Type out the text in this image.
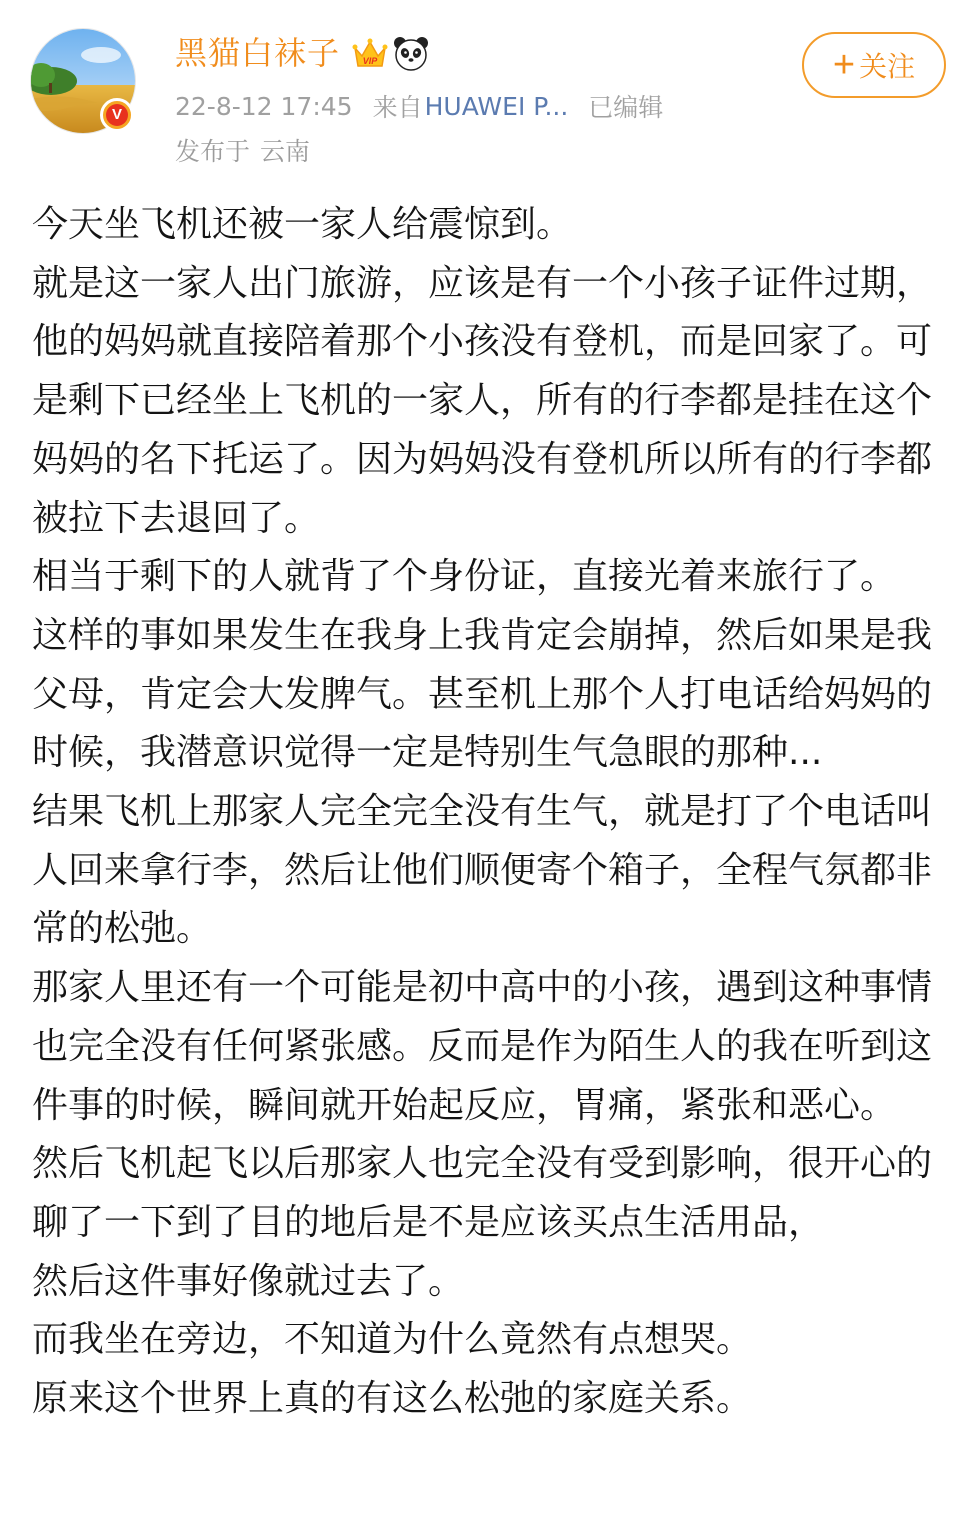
V
黑猫白袜子	VIP
22-8-12 17:45 来自 HUAWEI P... 已编辑
发布于 云南
+ 关注

今天坐飞机还被一家人给震惊到。

就是这一家人出门旅游，应该是有一个小孩子证件过期，他的妈妈就直接陪着那个小孩没有登机，而是回家了。可是剩下已经坐上飞机的一家人，所有的行李都是挂在这个妈妈的名下托运了。因为妈妈没有登机所以所有的行李都被拉下去退回了。

相当于剩下的人就背了个身份证，直接光着来旅行了。

这样的事如果发生在我身上我肯定会崩掉，然后如果是我父母，肯定会大发脾气。甚至机上那个人打电话给妈妈的时候，我潜意识觉得一定是特别生气急眼的那种...

结果飞机上那家人完全完全没有生气，就是打了个电话叫人回来拿行李，然后让他们顺便寄个箱子，全程气氛都非常的松弛。

那家人里还有一个可能是初中高中的小孩，遇到这种事情也完全没有任何紧张感。反而是作为陌生人的我在听到这件事的时候，瞬间就开始起反应，胃痛，紧张和恶心。

然后飞机起飞以后那家人也完全没有受到影响，很开心的聊了一下到了目的地后是不是应该买点生活用品，

然后这件事好像就过去了。

而我坐在旁边，不知道为什么竟然有点想哭。

原来这个世界上真的有这么松弛的家庭关系。
